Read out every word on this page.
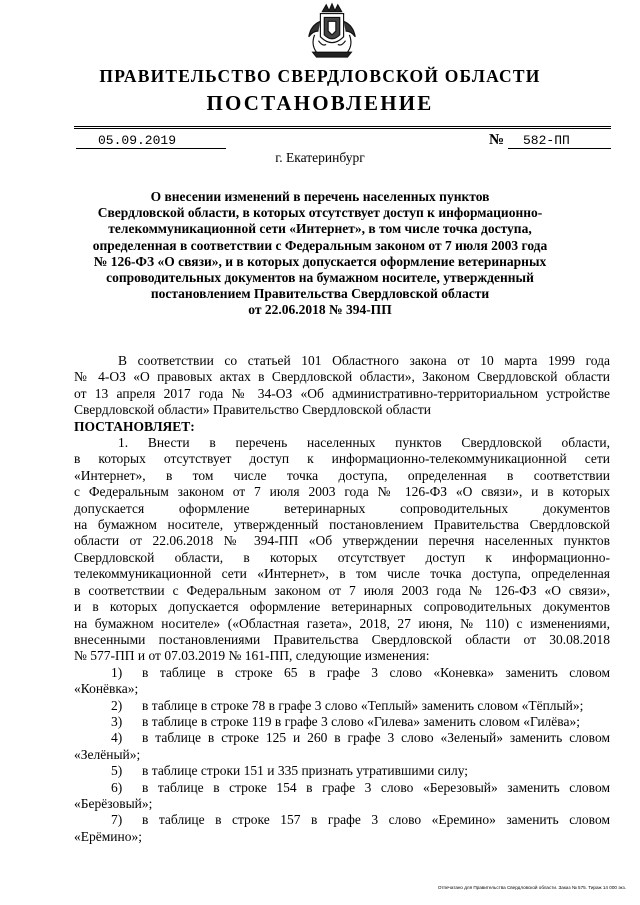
ПРАВИТЕЛЬСТВО СВЕРДЛОВСКОЙ ОБЛАСТИ
ПОСТАНОВЛЕНИЕ
05.09.2019	№ 582-ПП
г. Екатеринбург
О внесении изменений в перечень населенных пунктов
Свердловской области, в которых отсутствует доступ к информационно-
телекоммуникационной сети «Интернет», в том числе точка доступа,
определенная в соответствии с Федеральным законом от 7 июля 2003 года
№ 126-ФЗ «О связи», и в которых допускается оформление ветеринарных
сопроводительных документов на бумажном носителе, утвержденный
постановлением Правительства Свердловской области
от 22.06.2018 № 394-ПП
В соответствии со статьей 101 Областного закона от 10 марта 1999 года
№ 4-ОЗ «О правовых актах в Свердловской области», Законом Свердловской области
от 13 апреля 2017 года № 34-ОЗ «Об административно-территориальном устройстве
Свердловской области» Правительство Свердловской области
ПОСТАНОВЛЯЕТ:
1. Внести в перечень населенных пунктов Свердловской области,
в которых отсутствует доступ к информационно-телекоммуникационной сети
«Интернет», в том числе точка доступа, определенная в соответствии
с Федеральным законом от 7 июля 2003 года № 126-ФЗ «О связи», и в которых
допускается оформление ветеринарных сопроводительных документов
на бумажном носителе, утвержденный постановлением Правительства Свердловской
области от 22.06.2018 № 394-ПП «Об утверждении перечня населенных пунктов
Свердловской области, в которых отсутствует доступ к информационно-
телекоммуникационной сети «Интернет», в том числе точка доступа, определенная
в соответствии с Федеральным законом от 7 июля 2003 года № 126-ФЗ «О связи»,
и в которых допускается оформление ветеринарных сопроводительных документов
на бумажном носителе» («Областная газета», 2018, 27 июня, № 110) с изменениями,
внесенными постановлениями Правительства Свердловской области от 30.08.2018
№ 577-ПП и от 07.03.2019 № 161-ПП, следующие изменения:
1)	в таблице в строке 65 в графе 3 слово «Коневка» заменить словом
«Конёвка»;
2)	в таблице в строке 78 в графе 3 слово «Теплый» заменить словом «Тёплый»;
3)	в таблице в строке 119 в графе 3 слово «Гилева» заменить словом «Гилёва»;
4)	в таблице в строке 125 и 260 в графе 3 слово «Зеленый» заменить словом
«Зелёный»;
5)	в таблице строки 151 и 335 признать утратившими силу;
6)	в таблице в строке 154 в графе 3 слово «Березовый» заменить словом
«Берёзовый»;
7)	в таблице в строке 157 в графе 3 слово «Еремино» заменить словом
«Ерёмино»;
Отпечатано для Правительства Свердловской области. Заказ № 575. Тираж 14 000 экз.
